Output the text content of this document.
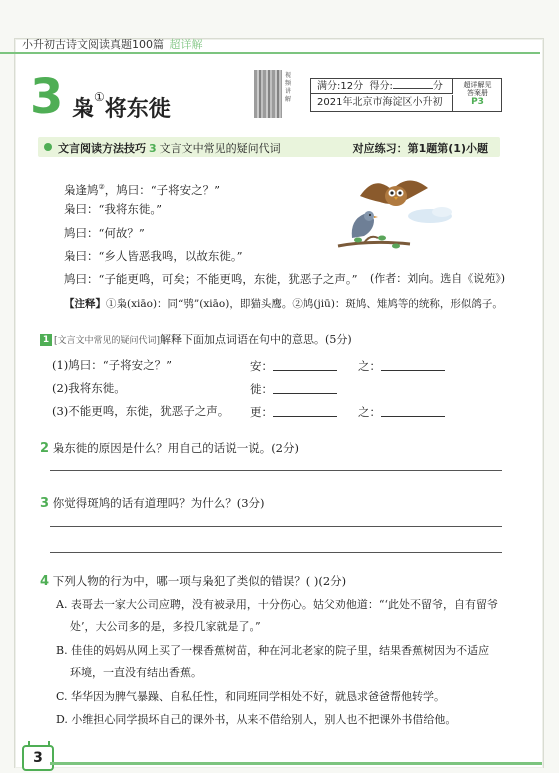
小升初古诗文阅读真题100篇 超详解
3 枭①将东徙
视频讲解
满分:12分 得分:	分
2021年北京市海淀区小升初
超详解见
答案册
P3
文言阅读方法技巧 3 文言文中常见的疑问代词	对应练习：第1题第(1)小题
枭逢鸠②，鸠曰：“子将安之？”
枭曰：“我将东徙。”
鸠曰：“何故？”
枭曰：“乡人皆恶我鸣，以故东徙。”
鸠曰：“子能更鸣，可矣；不能更鸣，东徙，犹恶子之声。” (作者：刘向。选自《说苑》)
【注释】①枭(xiāo)：同“鸮”(xiāo)，即猫头鹰。②鸠(jiū)：斑鸠、雉鸠等的统称，形似鸽子。
1 [文言文中常见的疑问代词]解释下面加点词语在句中的意思。(5分)
(1)鸠曰：“子将安之？”	安：	之：
(2)我将东徙。	徙：
(3)不能更鸣，东徙，犹恶子之声。 更：	之：
2 枭东徙的原因是什么？用自己的话说一说。(2分)
3 你觉得斑鸠的话有道理吗？为什么？(3分)
4 下列人物的行为中，哪一项与枭犯了类似的错误？( )(2分)
A. 表哥去一家大公司应聘，没有被录用，十分伤心。姑父劝他道：“‘此处不留爷，自有留爷
处’，大公司多的是，多投几家就是了。”
B. 佳佳的妈妈从网上买了一棵香蕉树苗，种在河北老家的院子里，结果香蕉树因为不适应
环境，一直没有结出香蕉。
C. 华华因为脾气暴躁、自私任性，和同班同学相处不好，就恳求爸爸帮他转学。
D. 小维担心同学损坏自己的课外书，从来不借给别人，别人也不把课外书借给他。
3
